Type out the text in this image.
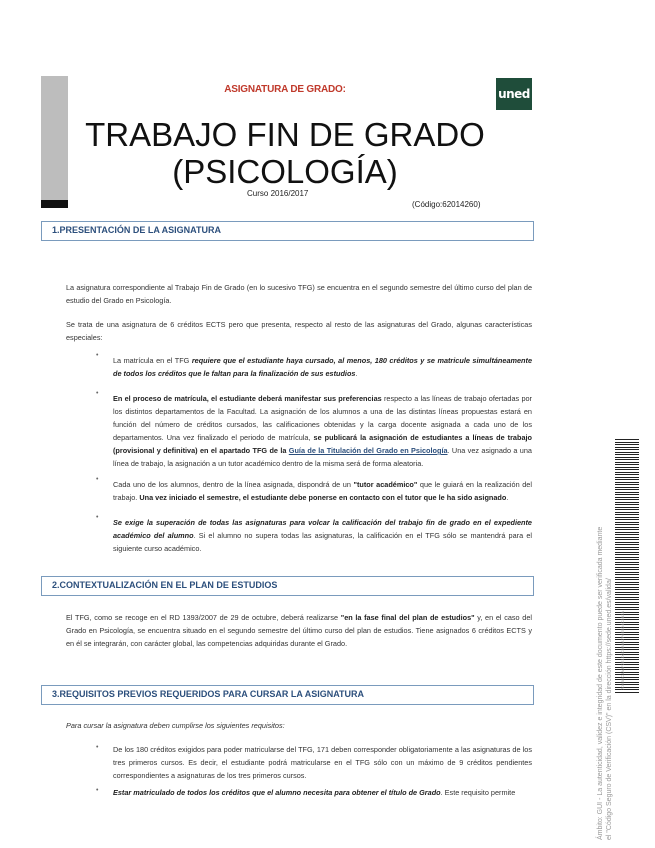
ASIGNATURA DE GRADO:	uned
TRABAJO FIN DE GRADO
(PSICOLOGÍA)
Curso 2016/2017
(Código:62014260)
1.PRESENTACIÓN DE LA ASIGNATURA
La asignatura correspondiente al Trabajo Fin de Grado (en lo sucesivo TFG) se encuentra en el segundo semestre del último curso del plan de estudio del Grado en Psicología.
Se trata de una asignatura de 6 créditos ECTS pero que presenta, respecto al resto de las asignaturas del Grado, algunas características especiales:
•
La matrícula en el TFG requiere que el estudiante haya cursado, al menos, 180 créditos y se matricule simultáneamente de todos los créditos que le faltan para la finalización de sus estudios.
•
En el proceso de matrícula, el estudiante deberá manifestar sus preferencias respecto a las líneas de trabajo ofertadas por los distintos departamentos de la Facultad. La asignación de los alumnos a una de las distintas líneas propuestas estará en función del número de créditos cursados, las calificaciones obtenidas y la carga docente asignada a cada uno de los departamentos. Una vez finalizado el periodo de matrícula, se publicará la asignación de estudiantes a líneas de trabajo (provisional y definitiva) en el apartado TFG de la Guía de la Titulación del Grado en Psicología. Una vez asignado a una línea de trabajo, la asignación a un tutor académico dentro de la misma será de forma aleatoria.
•
Cada uno de los alumnos, dentro de la línea asignada, dispondrá de un "tutor académico" que le guiará en la realización del trabajo. Una vez iniciado el semestre, el estudiante debe ponerse en contacto con el tutor que le ha sido asignado.
•
Se exige la superación de todas las asignaturas para volcar la calificación del trabajo fin de grado en el expediente académico del alumno. Si el alumno no supera todas las asignaturas, la calificación en el TFG sólo se mantendrá para el siguiente curso académico.
2.CONTEXTUALIZACIÓN EN EL PLAN DE ESTUDIOS
El TFG, como se recoge en el RD 1393/2007 de 29 de octubre, deberá realizarse "en la fase final del plan de estudios" y, en el caso del Grado en Psicología, se encuentra situado en el segundo semestre del último curso del plan de estudios. Tiene asignados 6 créditos ECTS y en él se integrarán, con carácter global, las competencias adquiridas durante el Grado.
3.REQUISITOS PREVIOS REQUERIDOS PARA CURSAR LA ASIGNATURA
Para cursar la asignatura deben cumplirse los siguientes requisitos:
• De los 180 créditos exigidos para poder matricularse del TFG, 171 deben corresponder obligatoriamente a las asignaturas de los tres primeros cursos. Es decir, el estudiante podrá matricularse en el TFG sólo con un máximo de 9 créditos pendientes correspondientes a asignaturas de los tres primeros cursos.
• Estar matriculado de todos los créditos que el alumno necesita para obtener el título de Grado. Este requisito permite	Ámbito: GUI - La autenticidad, validez e integridad de este documento puede ser verificada mediante el "Código Seguro de Verificación (CSV)" en la dirección https://sede.uned.es/valida/ 7D6B5C4A3F2E1D0C9B8A7F6E5D4C3B2A
